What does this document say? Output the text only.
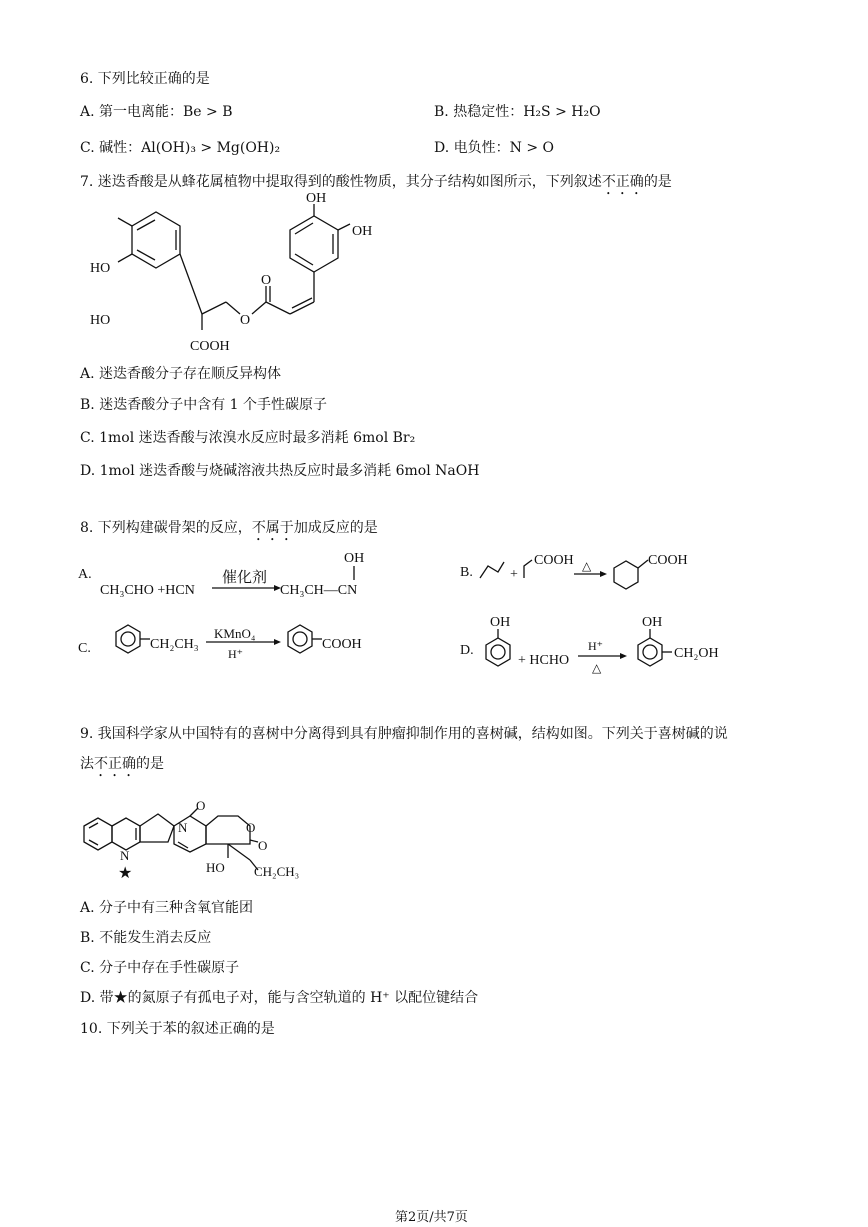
6. 下列比较正确的是
A. 第一电离能：Be > B	B. 热稳定性：H₂S > H₂O
C. 碱性：Al(OH)₃ > Mg(OH)₂	D. 电负性：N > O
7. 迷迭香酸是从蜂花属植物中提取得到的酸性物质，其分子结构如图所示，下列叙述不正确的是
OH
OH
HO
HO	O
O
COOH
A. 迷迭香酸分子存在顺反异构体
B. 迷迭香酸分子中含有 1 个手性碳原子
C. 1mol 迷迭香酸与浓溴水反应时最多消耗 6mol Br₂
D. 1mol 迷迭香酸与烧碱溶液共热反应时最多消耗 6mol NaOH
8. 下列构建碳骨架的反应，不属于加成反应的是
A.
CH₃CHO +HCN
催化剂
CH₃CH—CN
OH
C.	CH₂CH₃
KMnO₄
H⁺
COOH
B.	+
COOH △	COOH
D.
OH
+ HCHO
H⁺
△
OH
CH₂OH
9. 我国科学家从中国特有的喜树中分离得到具有肿瘤抑制作用的喜树碱，结构如图。下列关于喜树碱的说
法不正确的是
O
N	O
O
N
★	HO CH₂CH₃
A. 分子中有三种含氧官能团
B. 不能发生消去反应
C. 分子中存在手性碳原子
D. 带★的氮原子有孤电子对，能与含空轨道的 H⁺ 以配位键结合
10. 下列关于苯的叙述正确的是
第2页/共7页
